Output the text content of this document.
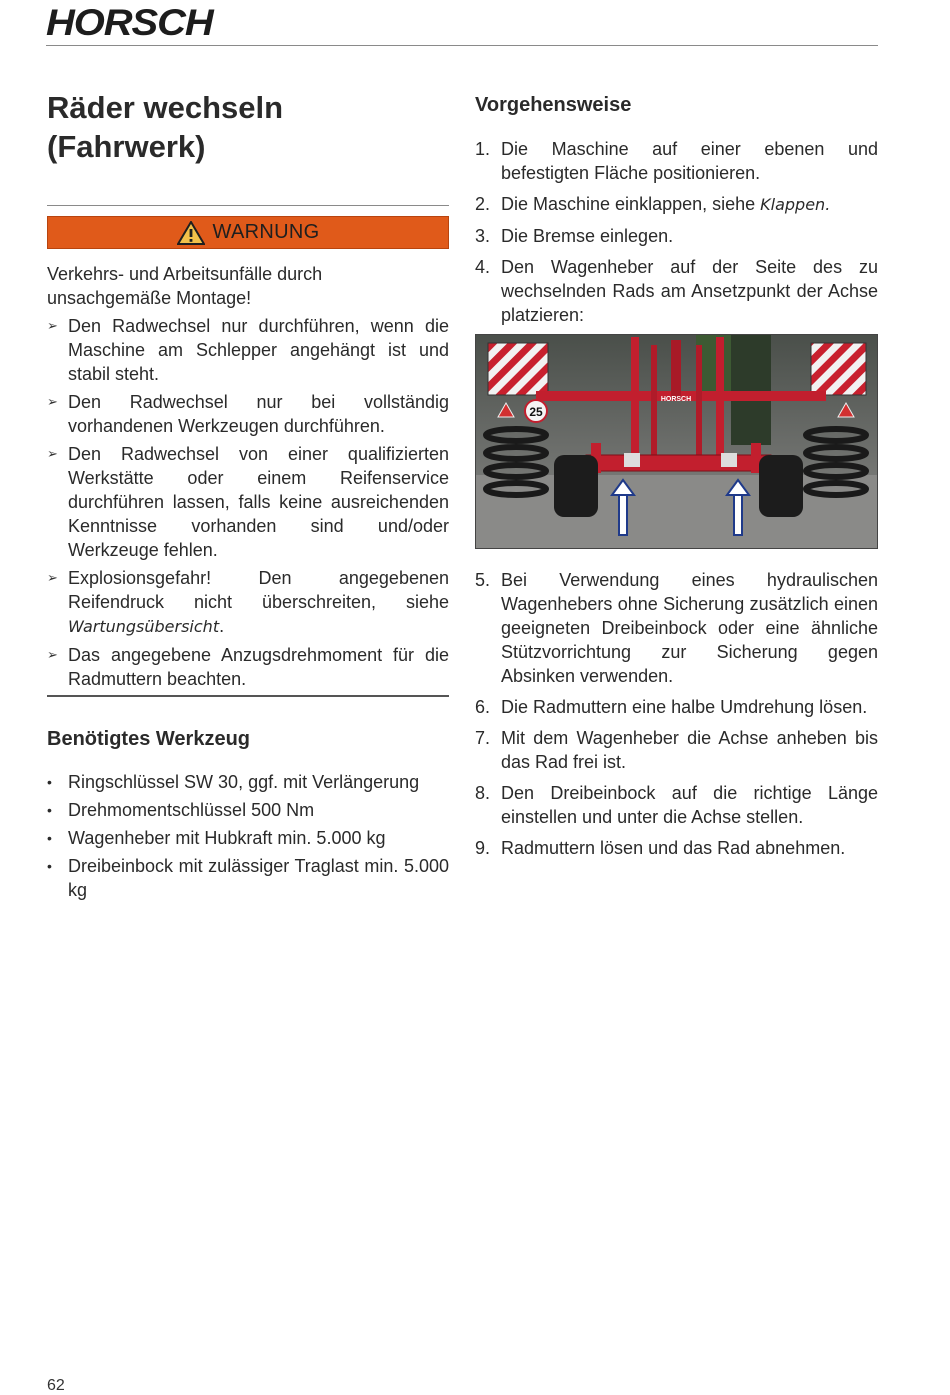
HORSCH
Räder wechseln
(Fahrwerk)
WARNUNG

Verkehrs- und Arbeitsunfälle durch unsachgemäße Montage!

➢ Den Radwechsel nur durchführen, wenn die Maschine am Schlepper angehängt ist und stabil steht.
➢ Den Radwechsel nur bei vollständig vorhandenen Werkzeugen durchführen.
➢ Den Radwechsel von einer qualifizierten Werkstätte oder einem Reifenservice durchführen lassen, falls keine ausreichenden Kenntnisse vorhanden sind und/oder Werkzeuge fehlen.
➢ Explosionsgefahr! Den angegebenen Reifendruck nicht überschreiten, siehe Wartungsübersicht.
➢ Das angegebene Anzugsdrehmoment für die Radmuttern beachten.
Benötigtes Werkzeug
• Ringschlüssel SW 30, ggf. mit Verlängerung
• Drehmomentschlüssel 500 Nm
• Wagenheber mit Hubkraft min. 5.000 kg
• Dreibeinbock mit zulässiger Traglast min. 5.000 kg
Vorgehensweise
1. Die Maschine auf einer ebenen und befestigten Fläche positionieren.
2. Die Maschine einklappen, siehe Klappen.
3. Die Bremse einlegen.
4. Den Wagenheber auf der Seite des zu wechselnden Rads am Ansetzpunkt der Achse platzieren:
25
HORSCH
5. Bei Verwendung eines hydraulischen Wagenhebers ohne Sicherung zusätzlich einen geeigneten Dreibeinbock oder eine ähnliche Stützvorrichtung zur Sicherung gegen Absinken verwenden.
6. Die Radmuttern eine halbe Umdrehung lösen.
7. Mit dem Wagenheber die Achse anheben bis das Rad frei ist.
8. Den Dreibeinbock auf die richtige Länge einstellen und unter die Achse stellen.
9. Radmuttern lösen und das Rad abnehmen.
62
